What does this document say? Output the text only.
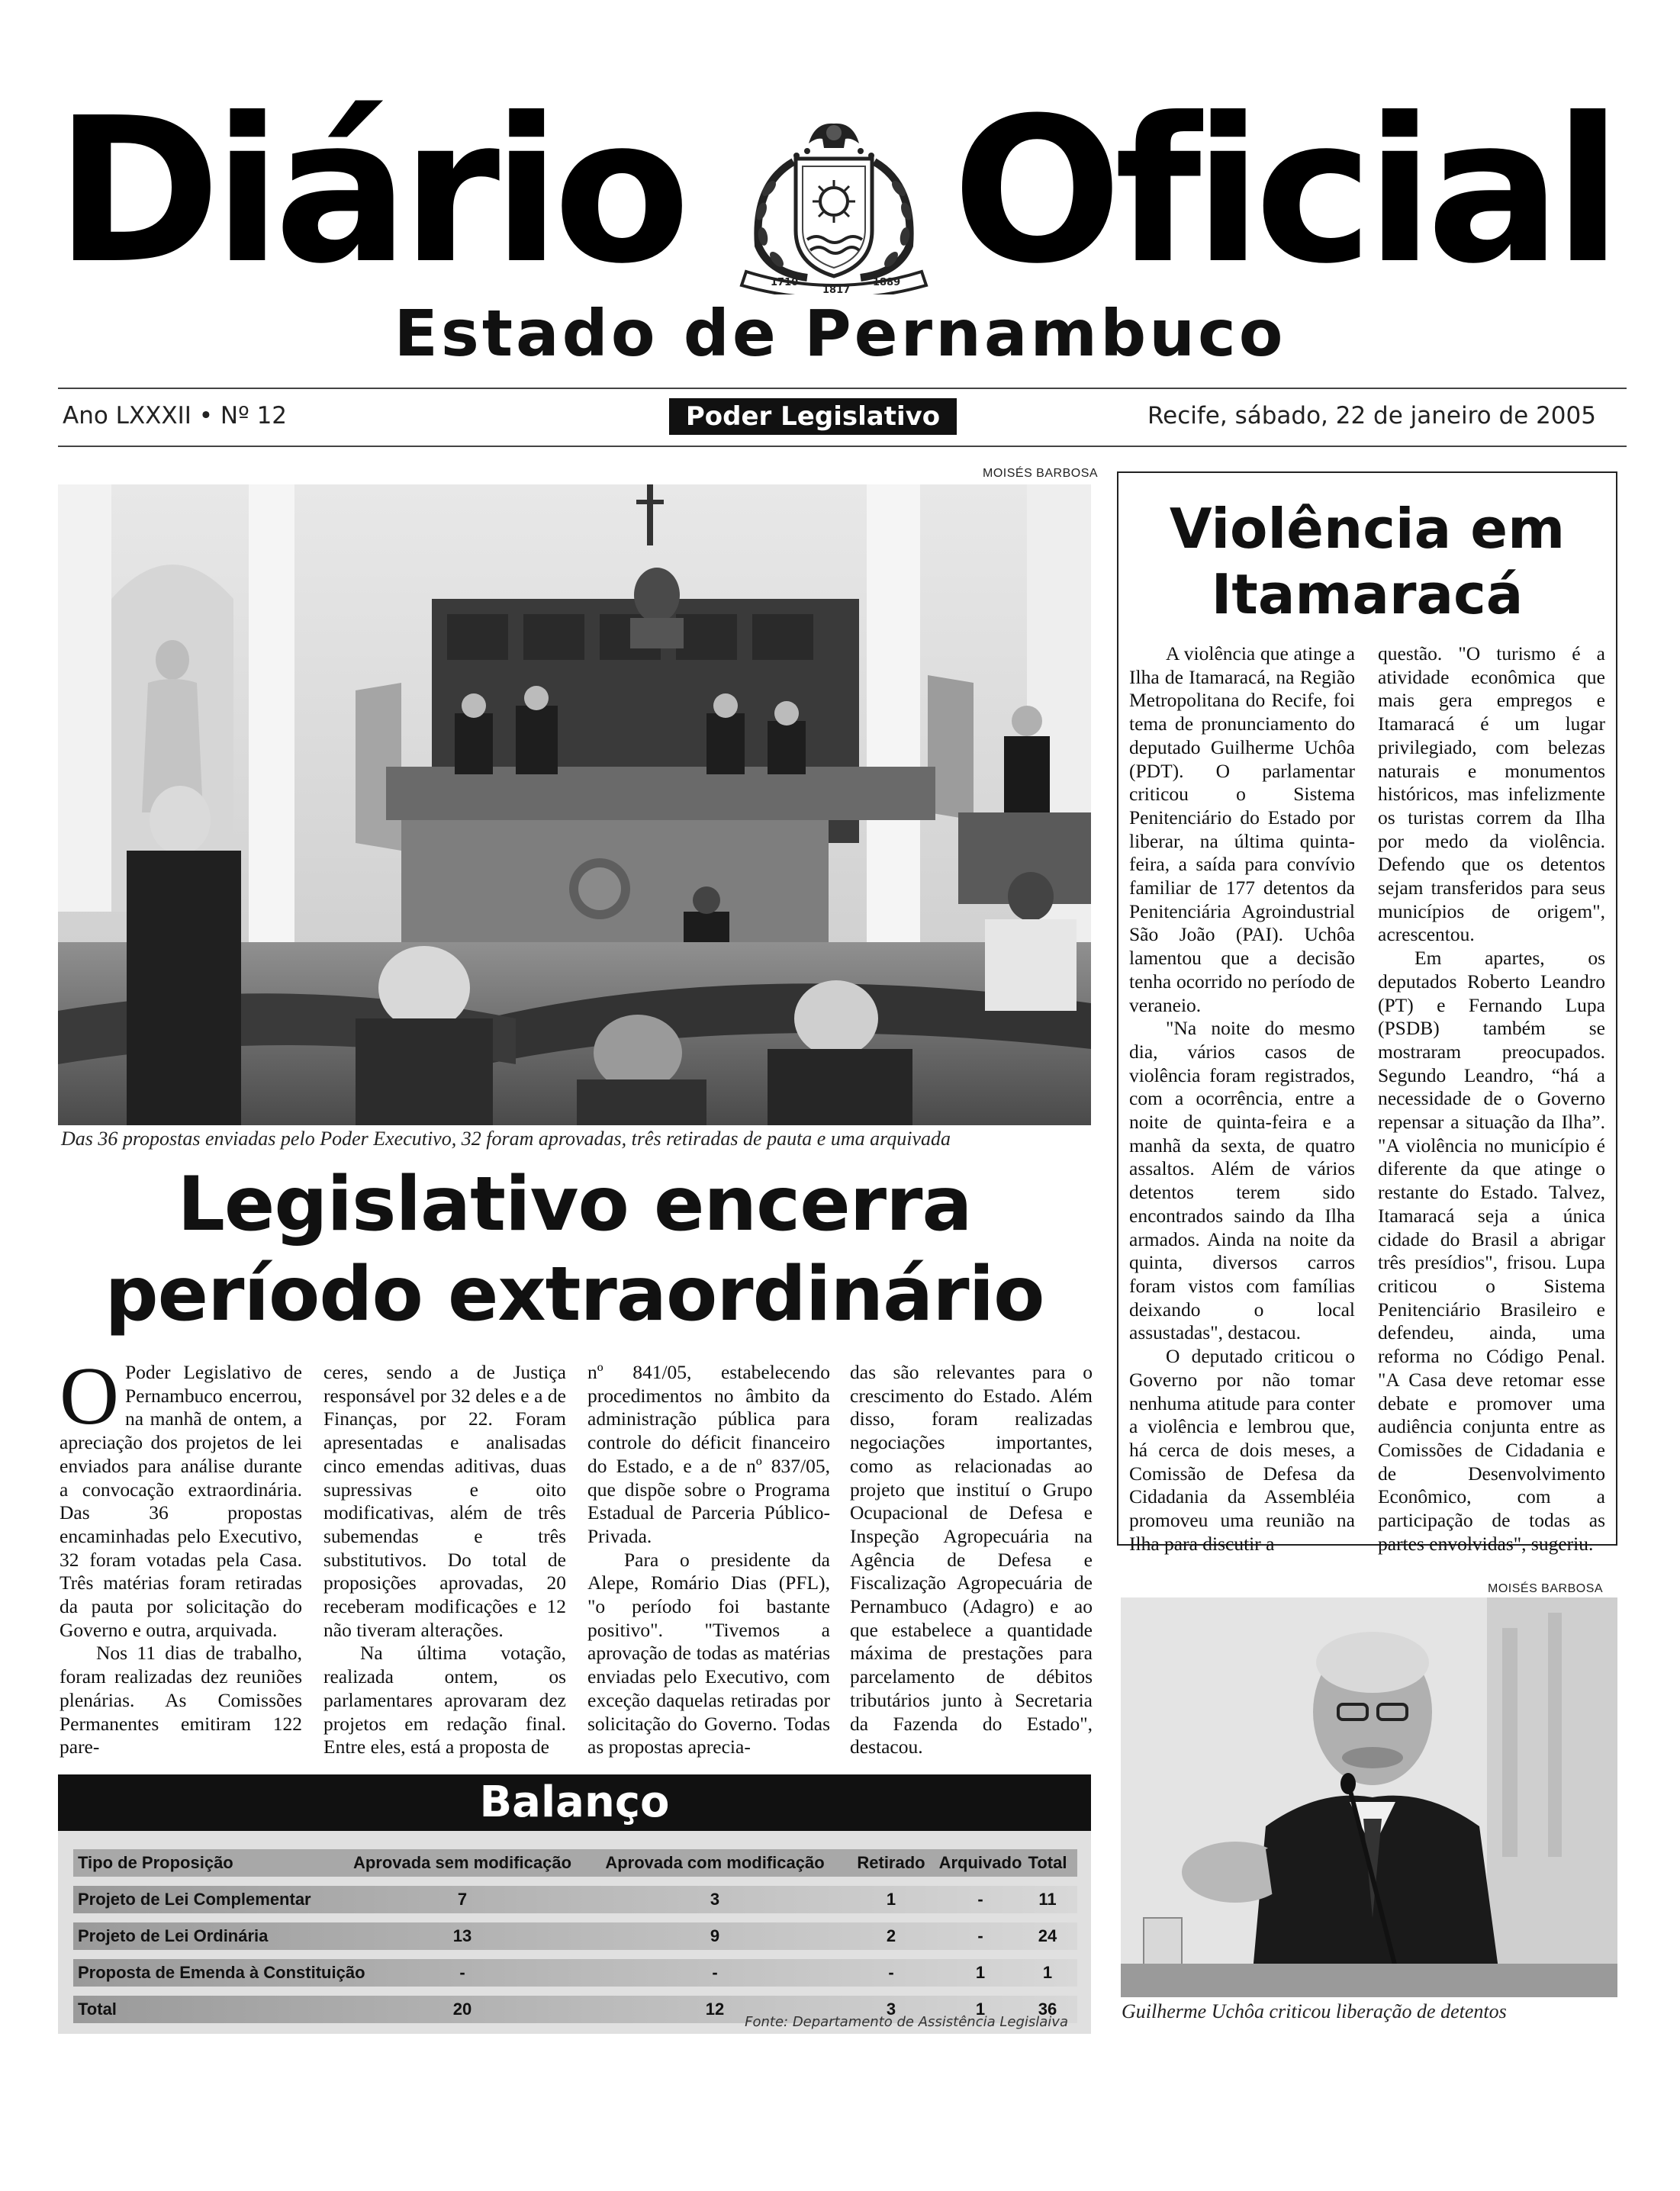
Diário	1710
1817
1889 Oficial
Estado de Pernambuco
Ano LXXXII • Nº 12	Poder Legislativo	Recife, sábado, 22 de janeiro de 2005
MOISÉS BARBOSA
Das 36 propostas enviadas pelo Poder Executivo, 32 foram aprovadas, três retiradas de pauta e uma arquivada
Legislativo encerra
período extraordinário
O Poder Legislativo de Pernambuco encerrou, na manhã de ontem, a apreciação dos projetos de lei enviados para análise durante a convocação extraordinária. Das 36 propostas encaminhadas pelo Executivo, 32 foram votadas pela Casa. Três matérias foram retiradas da pauta por solicitação do Governo e outra, arquivada.

Nos 11 dias de trabalho, foram realizadas dez reuniões plenárias. As Comissões Permanentes emitiram 122 pare-

ceres, sendo a de Justiça responsável por 32 deles e a de Finanças, por 22. Foram apresentadas e analisadas cinco emendas aditivas, duas supressivas e oito modificativas, além de três subemendas e três substitutivos. Do total de proposições aprovadas, 20 receberam modificações e 12 não tiveram alterações.

Na última votação, realizada ontem, os parlamentares aprovaram dez projetos em redação final. Entre eles, está a proposta de

nº 841/05, estabelecendo procedimentos no âmbito da administração pública para controle do déficit financeiro do Estado, e a de nº 837/05, que dispõe sobre o Programa Estadual de Parceria Público-Privada.

Para o presidente da Alepe, Romário Dias (PFL), "o período foi bastante positivo". "Tivemos a aprovação de todas as matérias enviadas pelo Executivo, com exceção daquelas retiradas por solicitação do Governo. Todas as propostas aprecia-

das são relevantes para o crescimento do Estado. Além disso, foram realizadas negociações importantes, como as relacionadas ao projeto que instituí o Grupo Ocupacional de Defesa e Inspeção Agropecuária na Agência de Defesa e Fiscalização Agropecuária de Pernambuco (Adagro) e ao que estabelece a quantidade máxima de prestações para parcelamento de débitos tributários junto à Secretaria da Fazenda do Estado", destacou.

Violência em
Itamaracá

A violência que atinge a Ilha de Itamaracá, na Região Metropolitana do Recife, foi tema de pronunciamento do deputado Guilherme Uchôa (PDT). O parlamentar criticou o Sistema Penitenciário do Estado por liberar, na última quinta-feira, a saída para convívio familiar de 177 detentos da Penitenciária Agroindustrial São João (PAI). Uchôa lamentou que a decisão tenha ocorrido no período de veraneio.

"Na noite do mesmo dia, vários casos de violência foram registrados, com a ocorrência, entre a noite de quinta-feira e a manhã da sexta, de quatro assaltos. Além de vários detentos terem sido encontrados saindo da Ilha armados. Ainda na noite da quinta, diversos carros foram vistos com famílias deixando o local assustadas", destacou.

O deputado criticou o Governo por não tomar nenhuma atitude para conter a violência e lembrou que, há cerca de dois meses, a Comissão de Defesa da Cidadania da Assembléia promoveu uma reunião na Ilha para discutir a

questão. "O turismo é a atividade econômica que mais gera empregos e Itamaracá é um lugar privilegiado, com belezas naturais e monumentos históricos, mas infelizmente os turistas correm da Ilha por medo da violência. Defendo que os detentos sejam transferidos para seus municípios de origem", acrescentou.

Em apartes, os deputados Roberto Leandro (PT) e Fernando Lupa (PSDB) também se mostraram preocupados. Segundo Leandro, “há a necessidade de o Governo repensar a situação da Ilha”. "A violência no município é diferente da que atinge o restante do Estado. Talvez, Itamaracá seja a única cidade do Brasil a abrigar três presídios", frisou. Lupa criticou o Sistema Penitenciário Brasileiro e defendeu, ainda, uma reforma no Código Penal. "A Casa deve retomar esse debate e promover uma audiência conjunta entre as Comissões de Cidadania e de Desenvolvimento Econômico, com a participação de todas as partes envolvidas", sugeriu.

MOISÉS BARBOSA
Guilherme Uchôa criticou liberação de detentos
Balanço
Tipo de Proposição	Aprovada sem modificação	Aprovada com modificação	Retirado Arquivado Total
Projeto de Lei Complementar	7	3	1	-	11
Projeto de Lei Ordinária	13	9	2	-	24
Proposta de Emenda à Constituição	-	-	-	1	1
Total	20	12	3	1	36
Fonte: Departamento de Assistência Legislaiva
